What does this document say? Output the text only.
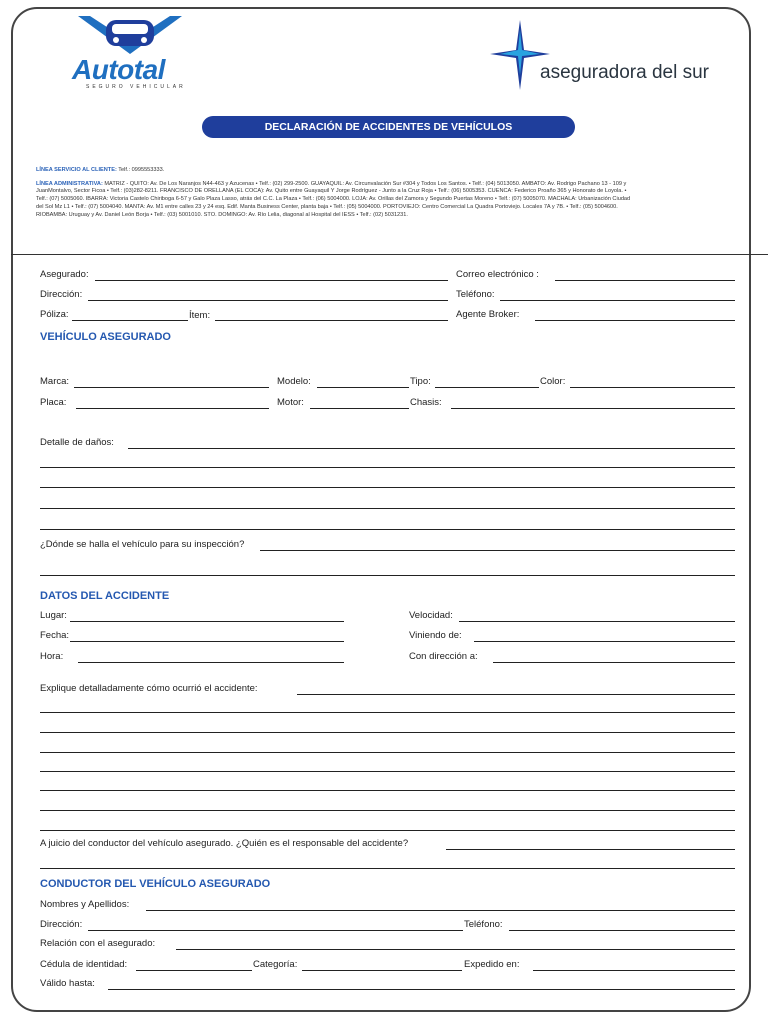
Autotal
SEGURO VEHICULAR
aseguradora del sur
DECLARACIÓN DE ACCIDENTES DE VEHÍCULOS
LÍNEA SERVICIO AL CLIENTE: Telf.: 0995553333.
LÍNEA ADMINISTRATIVA: MATRIZ - QUITO: Av. De Los Naranjos N44-463 y Azucenas • Telf.: (02) 299-2500. GUAYAQUIL: Av. Circunvalación Sur #304 y Todos Los Santos. • Telf.: (04) 5013050. AMBATO: Av. Rodrigo Pachano 13 - 109 y
JuanMontalvo, Sector Ficoa • Telf.: (03)282-8211. FRANCISCO DE ORELLANA (EL COCA): Av. Quito entre Guayaquil Y Jorge Rodríguez - Junto a la Cruz Roja • Telf.: (06) 5005353. CUENCA: Federico Proaño 365 y Honorato de Loyola. •
Telf.: (07) 5005060. IBARRA: Victoria Castelo Chiriboga 6-57 y Galo Plaza Lasso, atrás del C.C. La Plaza • Telf.: (06) 5004000. LOJA: Av. Orillas del Zamora y Segundo Puertas Moreno • Telf.: (07) 5005070. MACHALA: Urbanización Ciudad
del Sol Mz L1 • Telf.: (07) 5004040. MANTA: Av. M1 entre calles 23 y 24 esq. Edif. Manta Business Center, planta baja • Telf.: (05) 5004000. PORTOVIEJO: Centro Comercial La Quadra Portoviejo. Locales 7A y 7B. • Telf.: (05) 5004600.
RIOBAMBA: Uruguay y Av. Daniel León Borja • Telf.: (03) 5001010. STO. DOMINGO: Av. Río Lelia, diagonal al Hospital del IESS • Telf.: (02) 5031231.
Asegurado:	Correo electrónico :
Dirección:	Teléfono:
Póliza:	Ítem:	Agente Broker:
VEHÍCULO ASEGURADO
Marca:	Modelo:	Tipo:	Color:
Placa:	Motor:	Chasis:
Detalle de daños:
¿Dónde se halla el vehículo para su inspección?
DATOS DEL ACCIDENTE
Lugar:	Velocidad:
Fecha:	Viniendo de:
Hora:	Con dirección a:
Explique detalladamente cómo ocurrió el accidente:
A juicio del conductor del vehículo asegurado. ¿Quién es el responsable del accidente?
CONDUCTOR DEL VEHÍCULO ASEGURADO
Nombres y Apellidos:
Dirección:	Teléfono:
Relación con el asegurado:
Cédula de identidad:	Categoría:	Expedido en:
Válido hasta:
